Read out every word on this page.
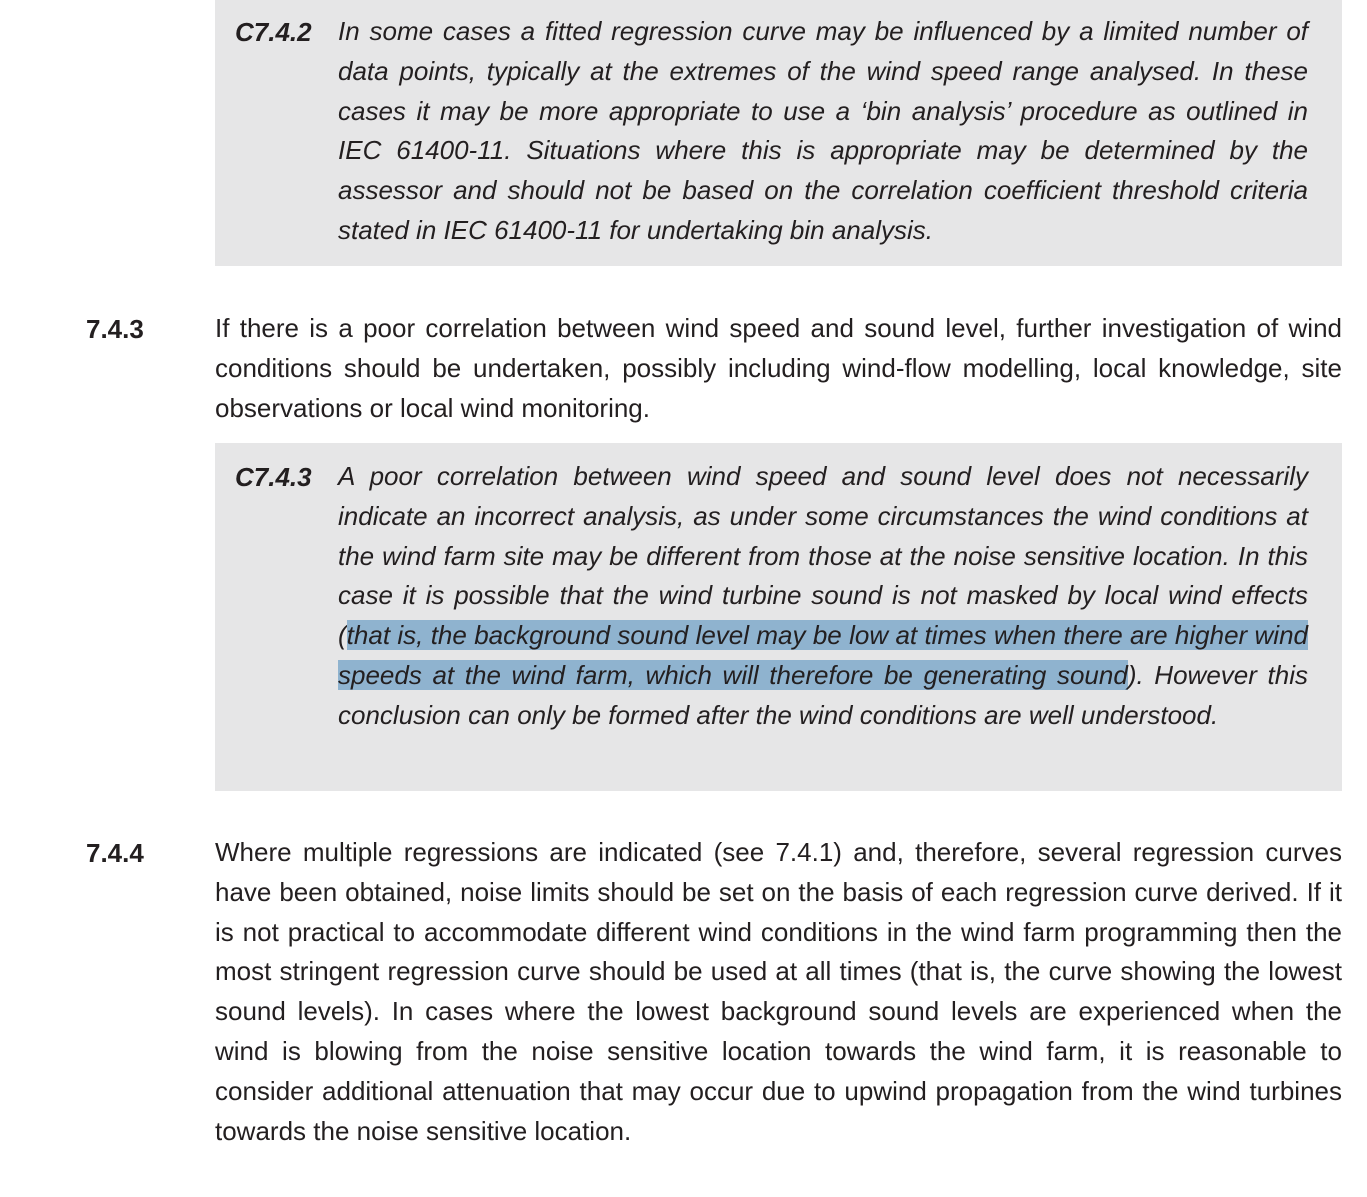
C7.4.2 In some cases a fitted regression curve may be influenced by a limited number of data points, typically at the extremes of the wind speed range analysed. In these cases it may be more appropriate to use a ‘bin analysis’ procedure as outlined in IEC 61400-11. Situations where this is appropriate may be determined by the assessor and should not be based on the correlation coefficient threshold criteria stated in IEC 61400-11 for undertaking bin analysis.
7.4.3	If there is a poor correlation between wind speed and sound level, further investigation of wind conditions should be undertaken, possibly including wind-flow modelling, local knowledge, site observations or local wind monitoring.
C7.4.3 A poor correlation between wind speed and sound level does not necessarily indicate an incorrect analysis, as under some circumstances the wind conditions at the wind farm site may be different from those at the noise sensitive location. In this case it is possible that the wind turbine sound is not masked by local wind effects (that is, the background sound level may be low at times when there are higher wind speeds at the wind farm, which will therefore be generating sound). However this conclusion can only be formed after the wind conditions are well understood.
7.4.4	Where multiple regressions are indicated (see 7.4.1) and, therefore, several regression curves have been obtained, noise limits should be set on the basis of each regression curve derived. If it is not practical to accommodate different wind conditions in the wind farm programming then the most stringent regression curve should be used at all times (that is, the curve showing the lowest sound levels). In cases where the lowest background sound levels are experienced when the wind is blowing from the noise sensitive location towards the wind farm, it is reasonable to consider additional attenuation that may occur due to upwind propagation from the wind turbines towards the noise sensitive location.
